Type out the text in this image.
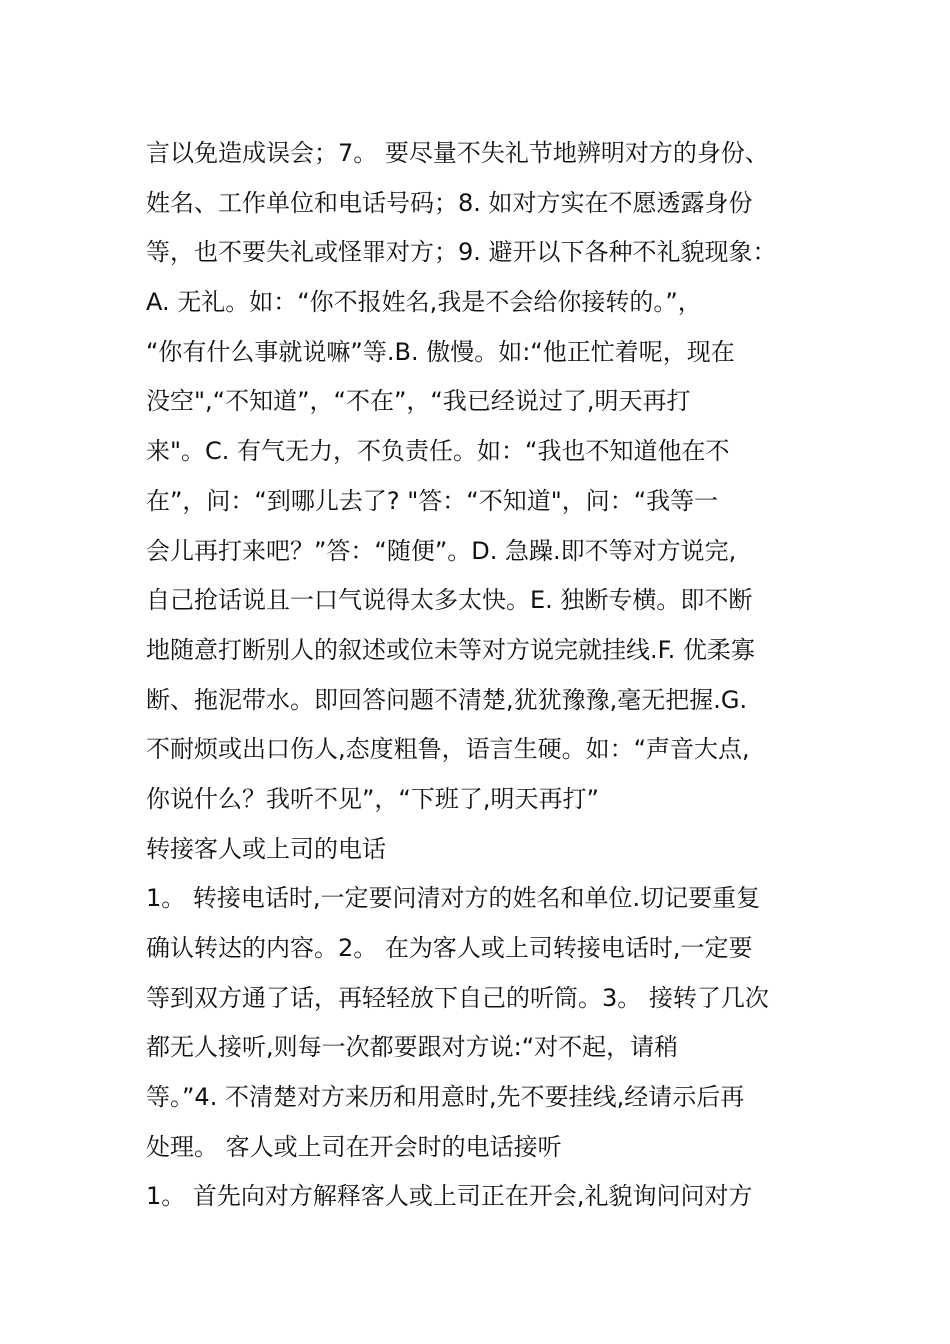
言以免造成误会；7。 要尽量不失礼节地辨明对方的身份、
姓名、工作单位和电话号码；8. 如对方实在不愿透露身份
等，也不要失礼或怪罪对方；9. 避开以下各种不礼貌现象：
A. 无礼。如：“你不报姓名,我是不会给你接转的。”，
“你有什么事就说嘛”等.B. 傲慢。如:“他正忙着呢，现在
没空",“不知道”，“不在”，“我已经说过了,明天再打
来"。C. 有气无力，不负责任。如：“我也不知道他在不
在”，问：“到哪儿去了? "答：“不知道"，问：“我等一
会儿再打来吧？”答：“随便”。D. 急躁.即不等对方说完,
自己抢话说且一口气说得太多太快。E. 独断专横。即不断
地随意打断别人的叙述或位未等对方说完就挂线.F. 优柔寡
断、拖泥带水。即回答问题不清楚,犹犹豫豫,毫无把握.G.
不耐烦或出口伤人,态度粗鲁，语言生硬。如：“声音大点,
你说什么？我听不见”，“下班了,明天再打”
转接客人或上司的电话
1。 转接电话时,一定要问清对方的姓名和单位.切记要重复
确认转达的内容。2。 在为客人或上司转接电话时,一定要
等到双方通了话，再轻轻放下自己的听筒。3。 接转了几次
都无人接听,则每一次都要跟对方说:“对不起，请稍
等。”4. 不清楚对方来历和用意时,先不要挂线,经请示后再
处理。 客人或上司在开会时的电话接听
1。 首先向对方解释客人或上司正在开会,礼貌询问问对方
